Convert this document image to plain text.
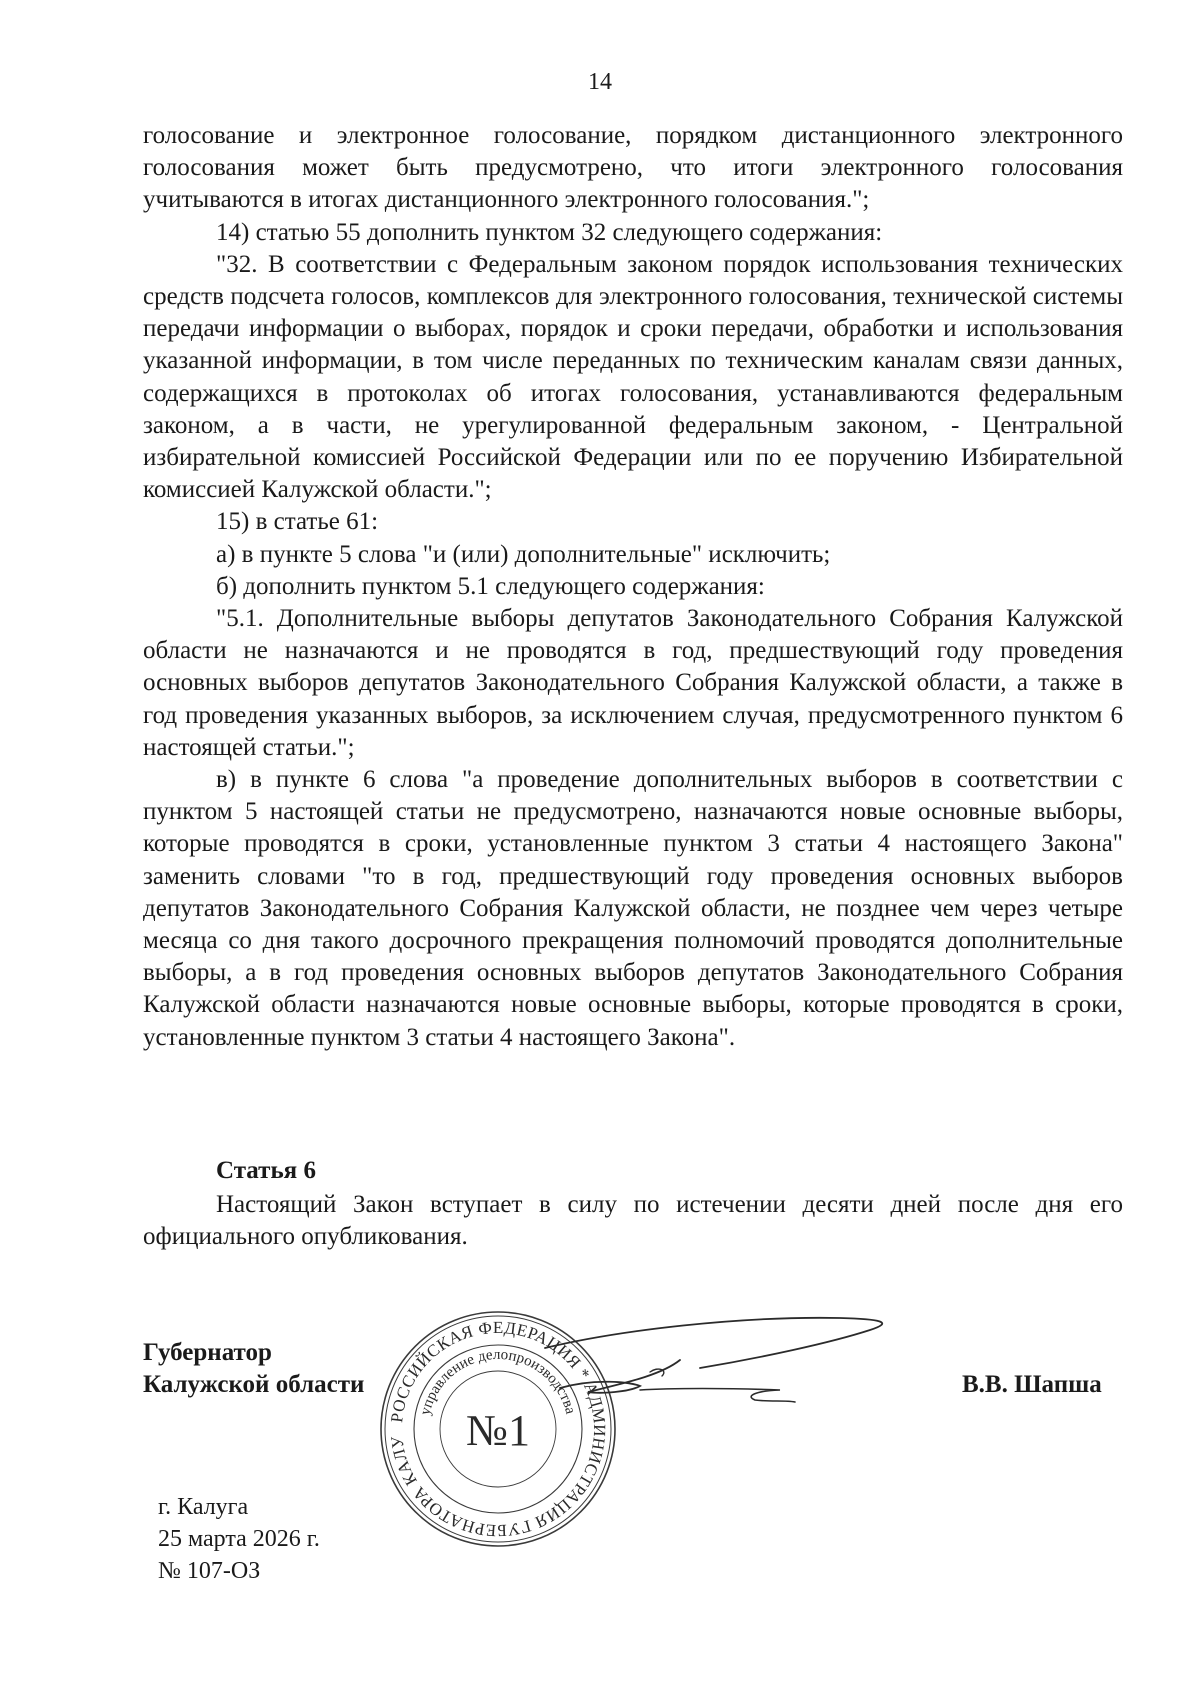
14

голосование и электронное голосование, порядком дистанционного электронного голосования может быть предусмотрено, что итоги электронного голосования учитываются в итогах дистанционного электронного голосования.";

14) статью 55 дополнить пунктом 32 следующего содержания:

"32. В соответствии с Федеральным законом порядок использования технических средств подсчета голосов, комплексов для электронного голосования, технической системы передачи информации о выборах, порядок и сроки передачи, обработки и использования указанной информации, в том числе переданных по техническим каналам связи данных, содержащихся в протоколах об итогах голосования, устанавливаются федеральным законом, а в части, не урегулированной федеральным законом, - Центральной избирательной комиссией Российской Федерации или по ее поручению Избирательной комиссией Калужской области.";

15) в статье 61:

а) в пункте 5 слова "и (или) дополнительные" исключить;

б) дополнить пунктом 5.1 следующего содержания:

"5.1. Дополнительные выборы депутатов Законодательного Собрания Калужской области не назначаются и не проводятся в год, предшествующий году проведения основных выборов депутатов Законодательного Собрания Калужской области, а также в год проведения указанных выборов, за исключением случая, предусмотренного пунктом 6 настоящей статьи.";

в) в пункте 6 слова "а проведение дополнительных выборов в соответствии с пунктом 5 настоящей статьи не предусмотрено, назначаются новые основные выборы, которые проводятся в сроки, установленные пунктом 3 статьи 4 настоящего Закона" заменить словами "то в год, предшествующий году проведения основных выборов депутатов Законодательного Собрания Калужской области, не позднее чем через четыре месяца со дня такого досрочного прекращения полномочий проводятся дополнительные выборы, а в год проведения основных выборов депутатов Законодательного Собрания Калужской области назначаются новые основные выборы, которые проводятся в сроки, установленные пунктом 3 статьи 4 настоящего Закона".

Статья 6

Настоящий Закон вступает в силу по истечении десяти дней после дня его официального опубликования.

Губернатор
Калужской области	В.В. Шапша
г. Калуга
25 марта 2026 г.
№ 107-ОЗ
РОССИЙСКАЯ ФЕДЕРАЦИЯ * АДМИНИСТРАЦИЯ ГУБЕРНАТОРА КАЛУ
управление делопроизводства
№1
